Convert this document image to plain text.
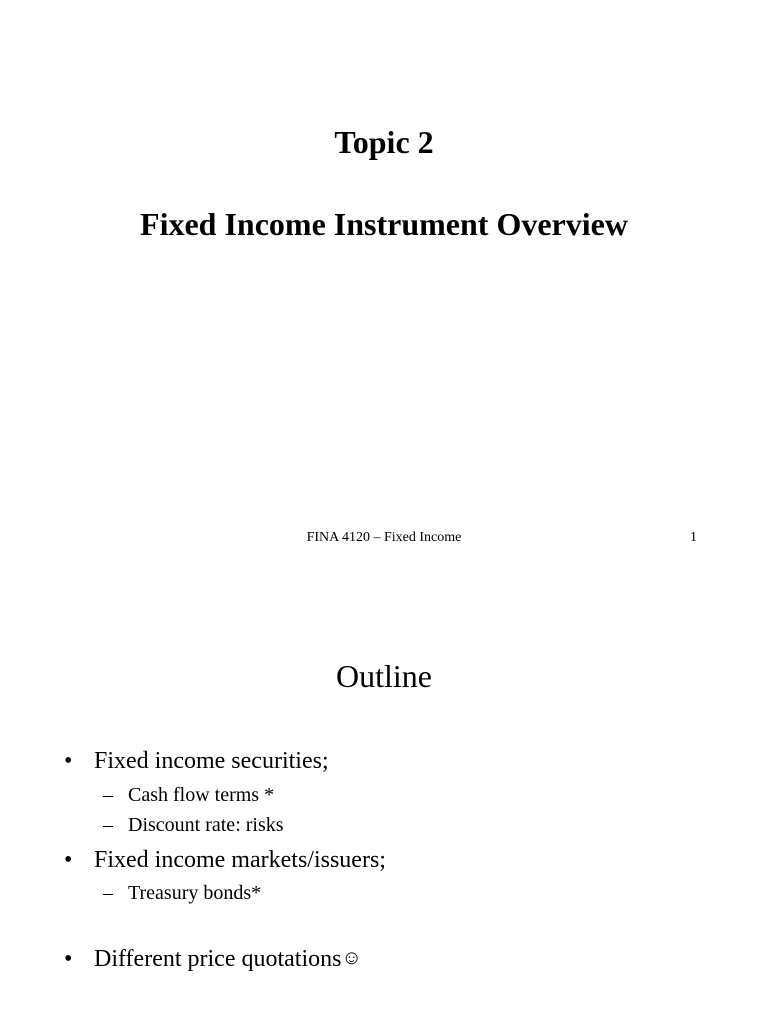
Topic 2
Fixed Income Instrument Overview
FINA 4120 – Fixed Income	1
Outline
• Fixed income securities;
– Cash flow terms *
– Discount rate: risks
• Fixed income markets/issuers;
– Treasury bonds*
• Different price quotations☺
